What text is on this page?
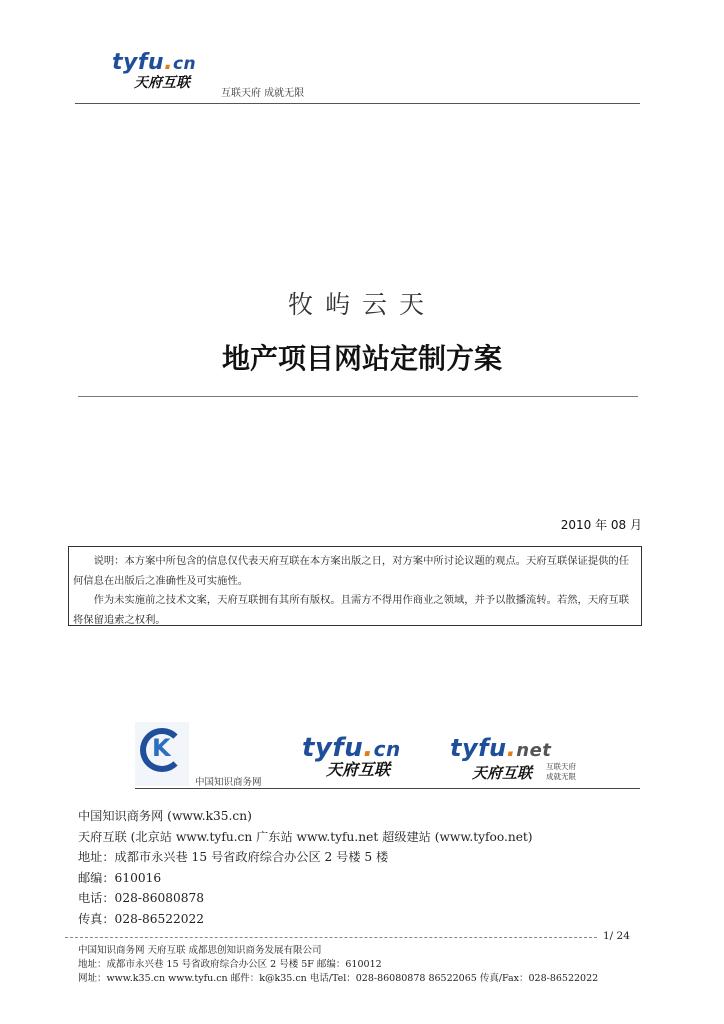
tyfu.cn
天府互联
互联天府 成就无限
牧屿云天
地产项目网站定制方案
2010 年 08 月

说明：本方案中所包含的信息仅代表天府互联在本方案出版之日，对方案中所讨论议题的观点。天府互联保证提供的任何信息在出版后之准确性及可实施性。

作为未实施前之技术文案，天府互联拥有其所有版权。且需方不得用作商业之领域，并予以散播流转。若然，天府互联将保留追索之权利。

K
中国知识商务网
tyfu.cn
天府互联
tyfu.net
天府互联 互联天府
成就无限
中国知识商务网 (www.k35.cn)
天府互联 (北京站 www.tyfu.cn 广东站 www.tyfu.net 超级建站 (www.tyfoo.net)
地址：成都市永兴巷 15 号省政府综合办公区 2 号楼 5 楼
邮编：610016
电话：028-86080878
传真：028-86522022
1/ 24
中国知识商务网 天府互联 成都思创知识商务发展有限公司
地址：成都市永兴巷 15 号省政府综合办公区 2 号楼 5F 邮编：610012
网址：www.k35.cn www.tyfu.cn 邮件：k@k35.cn 电话/Tel：028-86080878 86522065 传真/Fax：028-86522022
